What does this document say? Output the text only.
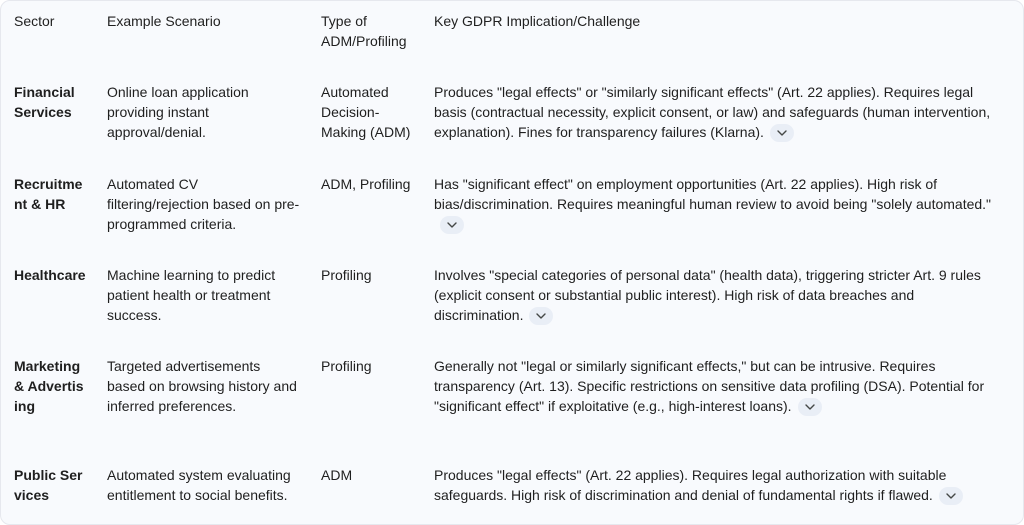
Sector	Example Scenario	Type of ADM/Profiling	Key GDPR Implication/Challenge
Financial Services	Online loan application providing instant approval/denial.	Automated Decision-Making (ADM)	Produces "legal effects" or "similarly significant effects" (Art. 22 applies). Requires legal basis (contractual necessity, explicit consent, or law) and safeguards (human intervention, explanation). Fines for transparency failures (Klarna).

Recruitment & HR	Automated CV filtering/rejection based on pre-programmed criteria.	ADM, Profiling	Has "significant effect" on employment opportunities (Art. 22 applies). High risk of bias/discrimination. Requires meaningful human review to avoid being "solely automated."

Healthcare	Machine learning to predict patient health or treatment success.	Profiling	Involves "special categories of personal data" (health data), triggering stricter Art. 9 rules (explicit consent or substantial public interest). High risk of data breaches and discrimination.

Marketing & Advertising	Targeted advertisements based on browsing history and inferred preferences.	Profiling	Generally not "legal or similarly significant effects," but can be intrusive. Requires transparency (Art. 13). Specific restrictions on sensitive data profiling (DSA). Potential for "significant effect" if exploitative (e.g., high-interest loans).

Public Services	Automated system evaluating entitlement to social benefits.	ADM	Produces "legal effects" (Art. 22 applies). Requires legal authorization with suitable safeguards. High risk of discrimination and denial of fundamental rights if flawed.
